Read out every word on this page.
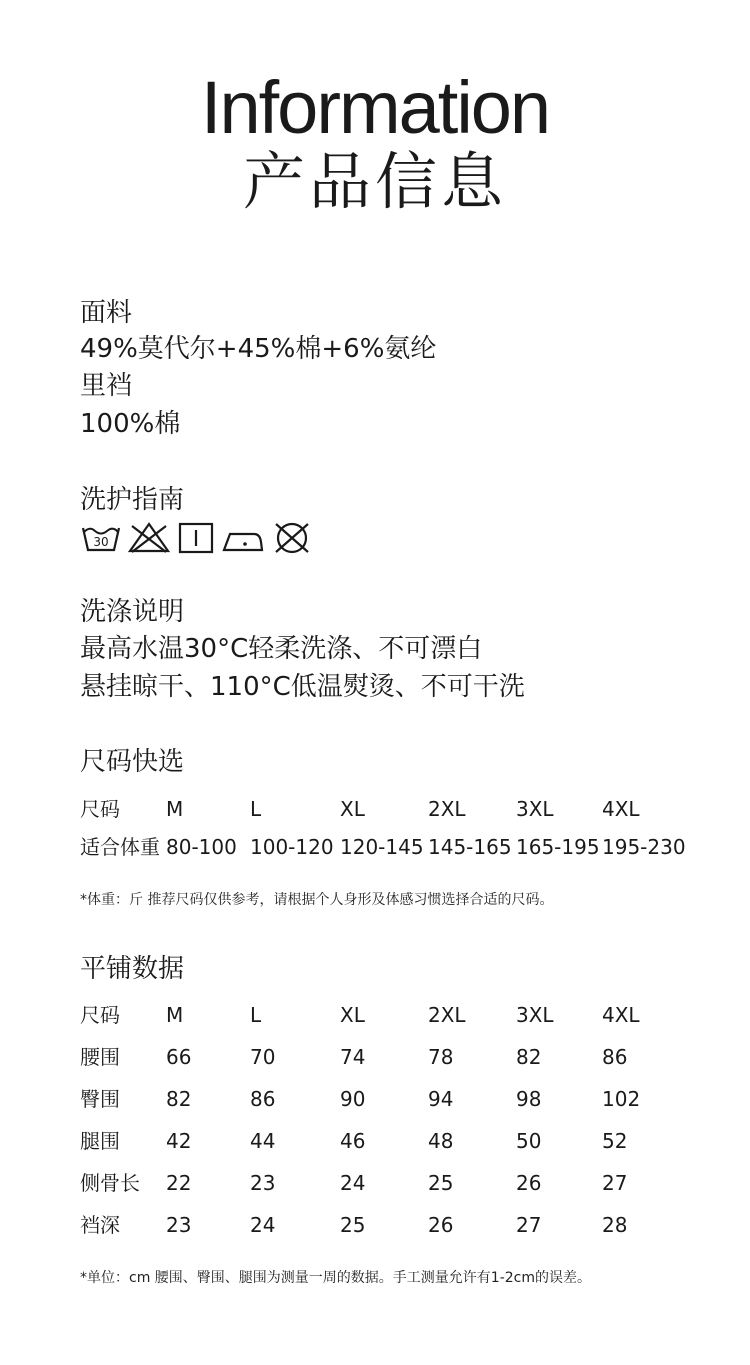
Information
产品信息
面料
49%莫代尔+45%棉+6%氨纶
里裆
100%棉
洗护指南
30
洗涤说明
最高水温30°C轻柔洗涤、不可漂白
悬挂晾干、110°C低温熨烫、不可干洗
尺码快选
尺码 M	L	XL	2XL	3XL 4XL
适合体重 80-100 100-120 120-145 145-165 165-195 195-230
*体重：斤 推荐尺码仅供参考，请根据个人身形及体感习惯选择合适的尺码。
平铺数据
尺码 M	L	XL	2XL	3XL 4XL
腰围 66	70	74	78	82	86
臀围 82	86	90	94	98	102
腿围 42	44	46	48	50	52
侧骨长 22	23	24	25	26	27
裆深 23	24	25	26	27	28
*单位：cm 腰围、臀围、腿围为测量一周的数据。手工测量允许有1-2cm的误差。
